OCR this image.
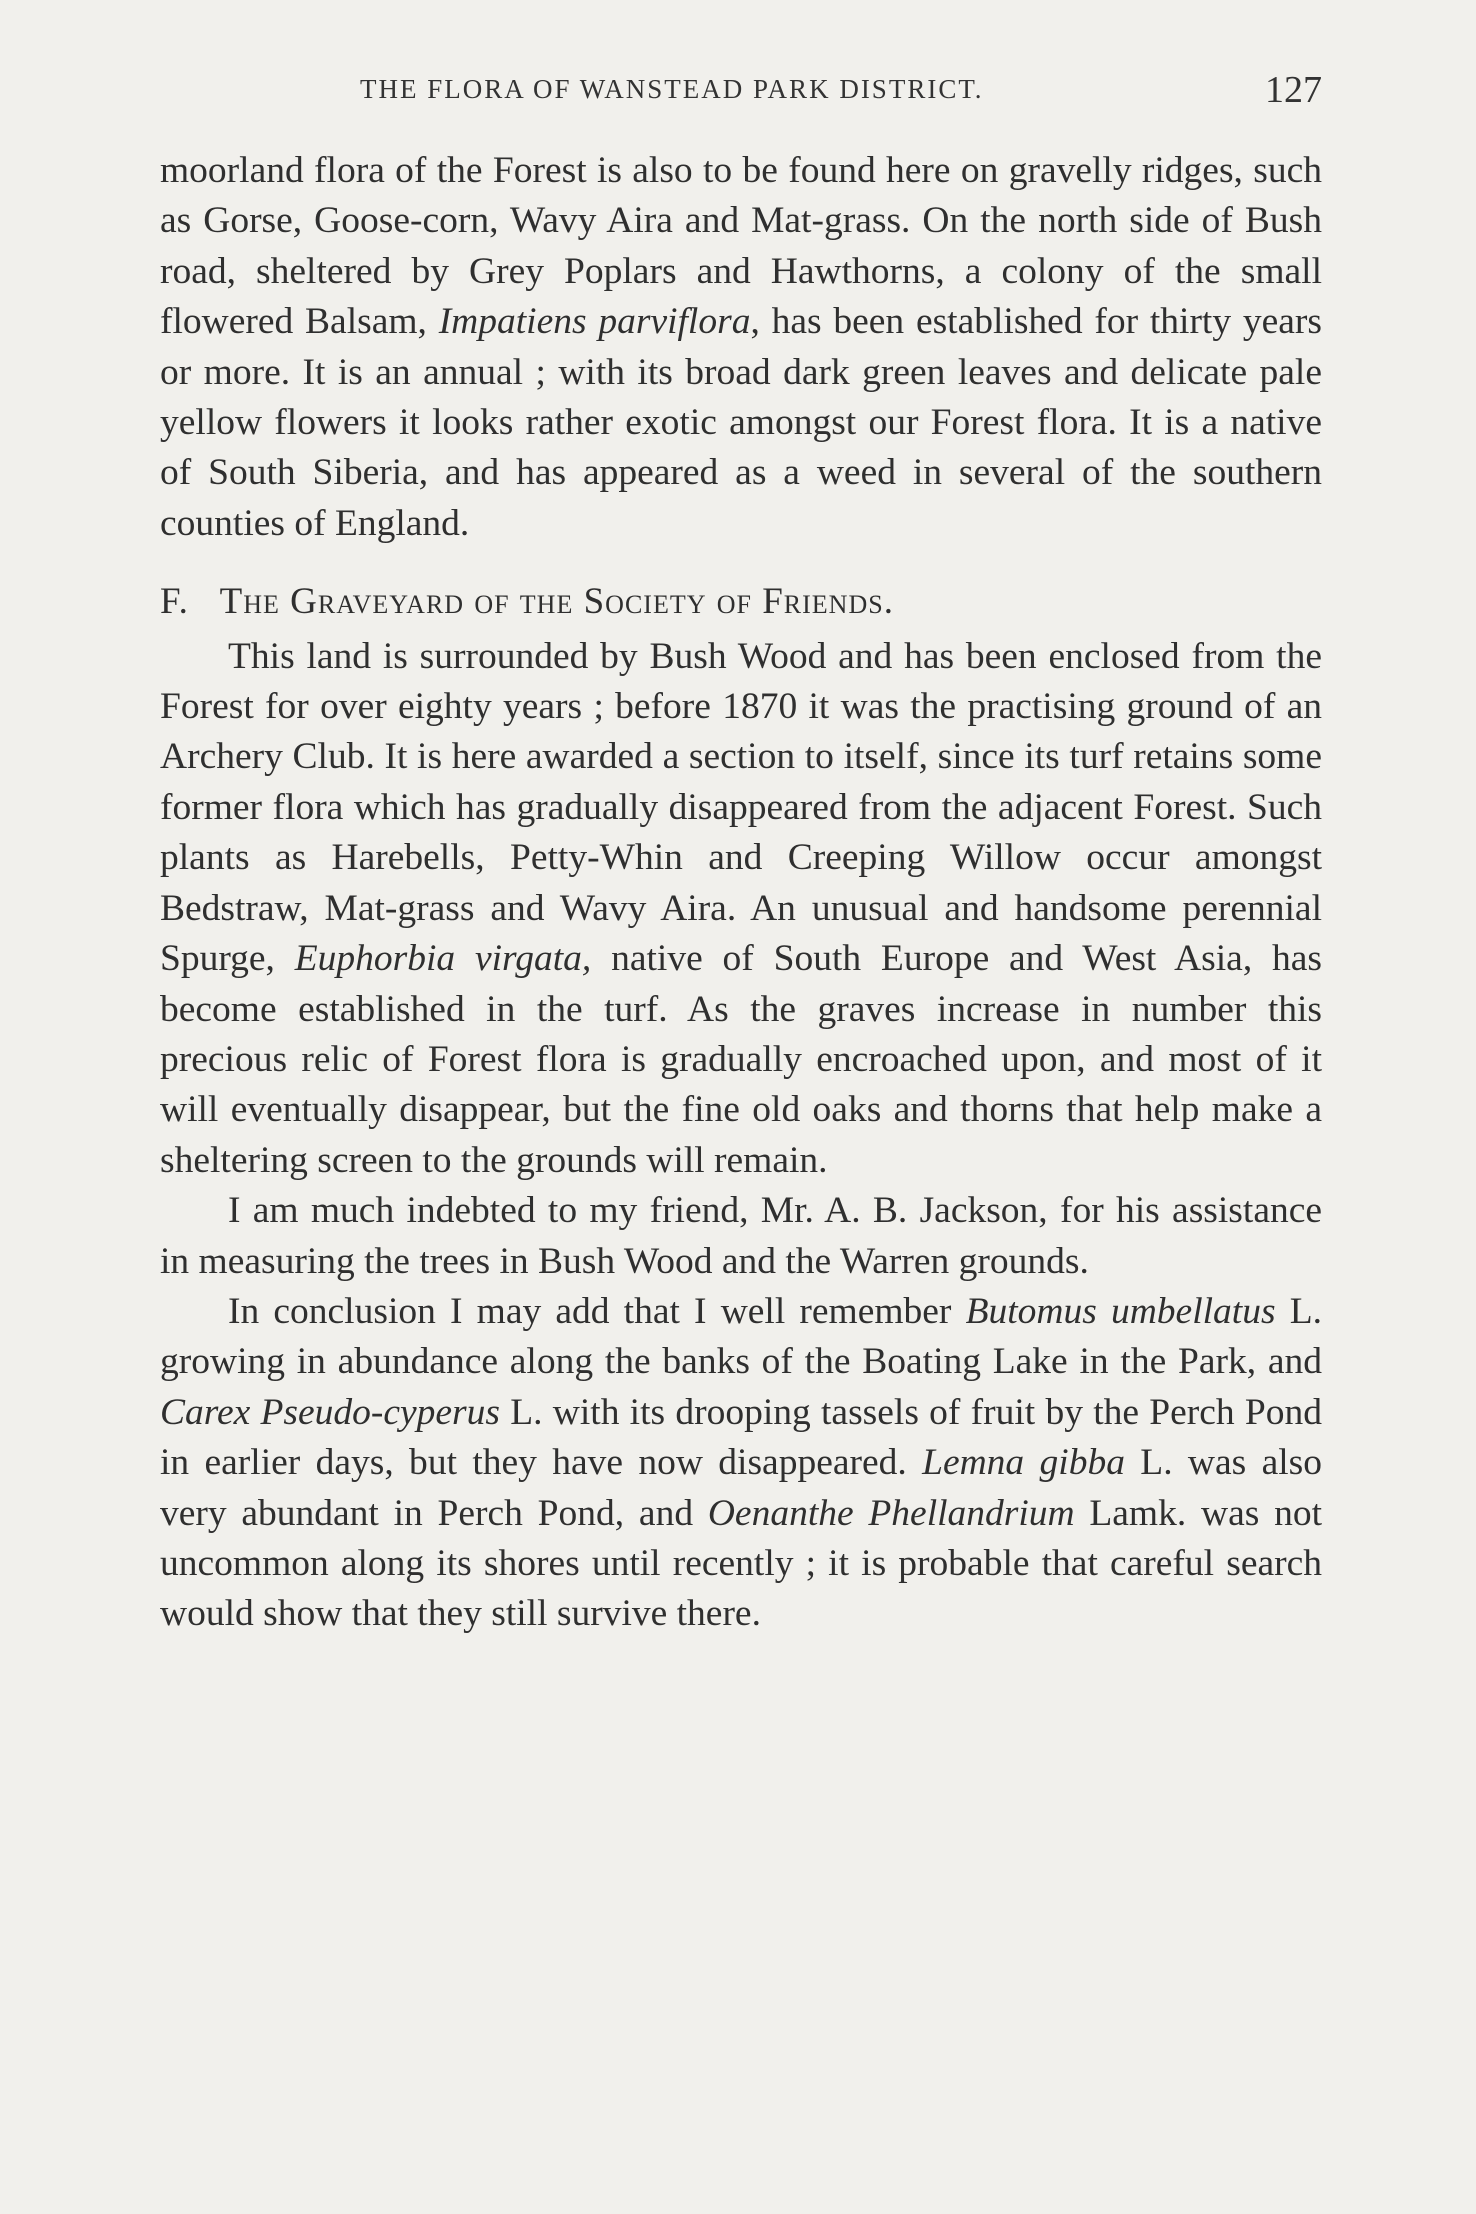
THE FLORA OF WANSTEAD PARK DISTRICT.	127

moorland flora of the Forest is also to be found here on gravelly ridges, such as Gorse, Goose-corn, Wavy Aira and Mat-grass. On the north side of Bush road, sheltered by Grey Poplars and Hawthorns, a colony of the small flowered Balsam, Impatiens parviflora, has been established for thirty years or more. It is an annual ; with its broad dark green leaves and delicate pale yellow flowers it looks rather exotic amongst our Forest flora. It is a native of South Siberia, and has appeared as a weed in several of the southern counties of England.

F. The Graveyard of the Society of Friends.

This land is surrounded by Bush Wood and has been enclosed from the Forest for over eighty years ; before 1870 it was the practising ground of an Archery Club. It is here awarded a section to itself, since its turf retains some former flora which has gradually disappeared from the adjacent Forest. Such plants as Harebells, Petty-Whin and Creeping Willow occur amongst Bedstraw, Mat-grass and Wavy Aira. An unusual and handsome perennial Spurge, Euphorbia virgata, native of South Europe and West Asia, has become established in the turf. As the graves increase in number this precious relic of Forest flora is gradually encroached upon, and most of it will eventually disappear, but the fine old oaks and thorns that help make a sheltering screen to the grounds will remain.

I am much indebted to my friend, Mr. A. B. Jackson, for his assistance in measuring the trees in Bush Wood and the Warren grounds.

In conclusion I may add that I well remember Butomus umbellatus L. growing in abundance along the banks of the Boating Lake in the Park, and Carex Pseudo-cyperus L. with its drooping tassels of fruit by the Perch Pond in earlier days, but they have now disappeared. Lemna gibba L. was also very abundant in Perch Pond, and Oenanthe Phellandrium Lamk. was not uncommon along its shores until recently ; it is probable that careful search would show that they still survive there.
